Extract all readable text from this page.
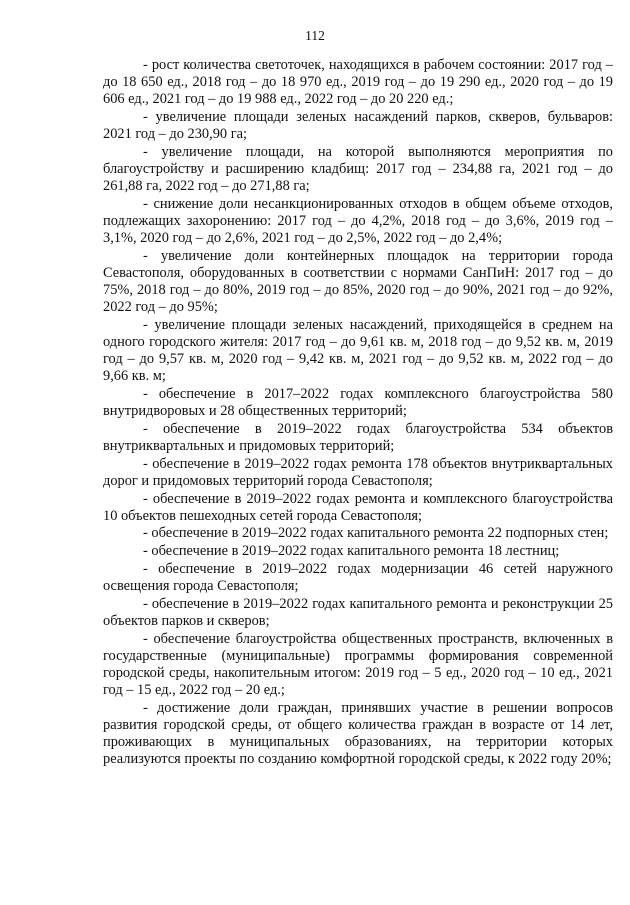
112

- рост количества светоточек, находящихся в рабочем состоянии: 2017 год – до 18 650 ед., 2018 год – до 18 970 ед., 2019 год – до 19 290 ед., 2020 год – до 19 606 ед., 2021 год – до 19 988 ед., 2022 год – до 20 220 ед.;

- увеличение площади зеленых насаждений парков, скверов, бульваров: 2021 год – до 230,90 га;

- увеличение площади, на которой выполняются мероприятия по благоустройству и расширению кладбищ: 2017 год – 234,88 га, 2021 год – до 261,88 га, 2022 год – до 271,88 га;

- снижение доли несанкционированных отходов в общем объеме отходов, подлежащих захоронению: 2017 год – до 4,2%, 2018 год – до 3,6%, 2019 год – 3,1%, 2020 год – до 2,6%, 2021 год – до 2,5%, 2022 год – до 2,4%;

- увеличение доли контейнерных площадок на территории города Севастополя, оборудованных в соответствии с нормами СанПиН: 2017 год – до 75%, 2018 год – до 80%, 2019 год – до 85%, 2020 год – до 90%, 2021 год – до 92%, 2022 год – до 95%;

- увеличение площади зеленых насаждений, приходящейся в среднем на одного городского жителя: 2017 год – до 9,61 кв. м, 2018 год – до 9,52 кв. м, 2019 год – до 9,57 кв. м, 2020 год – 9,42 кв. м, 2021 год – до 9,52 кв. м, 2022 год – до 9,66 кв. м;

- обеспечение в 2017–2022 годах комплексного благоустройства 580 внутридворовых и 28 общественных территорий;

- обеспечение в 2019–2022 годах благоустройства 534 объектов внутриквартальных и придомовых территорий;

- обеспечение в 2019–2022 годах ремонта 178 объектов внутриквартальных дорог и придомовых территорий города Севастополя;

- обеспечение в 2019–2022 годах ремонта и комплексного благоустройства 10 объектов пешеходных сетей города Севастополя;

- обеспечение в 2019–2022 годах капитального ремонта 22 подпорных стен;

- обеспечение в 2019–2022 годах капитального ремонта 18 лестниц;

- обеспечение в 2019–2022 годах модернизации 46 сетей наружного освещения города Севастополя;

- обеспечение в 2019–2022 годах капитального ремонта и реконструкции 25 объектов парков и скверов;

- обеспечение благоустройства общественных пространств, включенных в государственные (муниципальные) программы формирования современной городской среды, накопительным итогом: 2019 год – 5 ед., 2020 год – 10 ед., 2021 год – 15 ед., 2022 год – 20 ед.;

- достижение доли граждан, принявших участие в решении вопросов развития городской среды, от общего количества граждан в возрасте от 14 лет, проживающих в муниципальных образованиях, на территории которых реализуются проекты по созданию комфортной городской среды, к 2022 году 20%;
